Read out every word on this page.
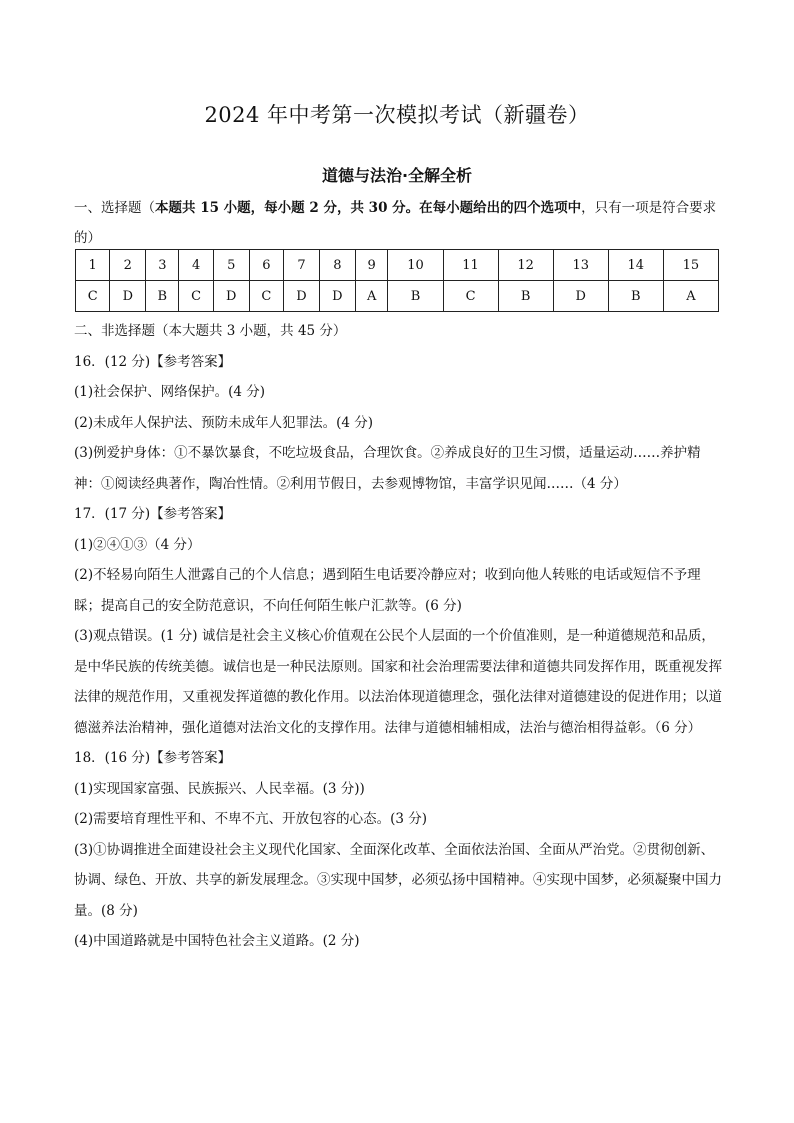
2024 年中考第一次模拟考试（新疆卷）
道德与法治·全解全析
一、选择题（本题共 15 小题，每小题 2 分，共 30 分。在每小题给出的四个选项中，只有一项是符合要求的）
1	2	3	4	5	6	7	8	9	10	11	12	13	14	15
C	D	B	C	D	C	D	D	A	B	C	B	D	B	A
二、非选择题（本大题共 3 小题，共 45 分）
16．(12 分)【参考答案】
(1)社会保护、网络保护。(4 分)
(2)未成年人保护法、预防未成年人犯罪法。(4 分)
(3)例爱护身体：①不暴饮暴食，不吃垃圾食品，合理饮食。②养成良好的卫生习惯，适量运动……养护精神：①阅读经典著作，陶冶性情。②利用节假日，去参观博物馆，丰富学识见闻……（4 分）
17．(17 分)【参考答案】
(1)②④①③（4 分）
(2)不轻易向陌生人泄露自己的个人信息；遇到陌生电话要冷静应对；收到向他人转账的电话或短信不予理睬；提高自己的安全防范意识，不向任何陌生帐户汇款等。(6 分)
(3)观点错误。(1 分) 诚信是社会主义核心价值观在公民个人层面的一个价值准则，是一种道德规范和品质，是中华民族的传统美德。诚信也是一种民法原则。国家和社会治理需要法律和道德共同发挥作用，既重视发挥法律的规范作用，又重视发挥道德的教化作用。以法治体现道德理念，强化法律对道德建设的促进作用；以道德滋养法治精神，强化道德对法治文化的支撑作用。法律与道德相辅相成，法治与德治相得益彰。（6 分）
18．(16 分)【参考答案】
(1)实现国家富强、民族振兴、人民幸福。(3 分))
(2)需要培育理性平和、不卑不亢、开放包容的心态。(3 分)
(3)①协调推进全面建设社会主义现代化国家、全面深化改革、全面依法治国、全面从严治党。②贯彻创新、协调、绿色、开放、共享的新发展理念。③实现中国梦，必须弘扬中国精神。④实现中国梦，必须凝聚中国力量。(8 分)
(4)中国道路就是中国特色社会主义道路。(2 分)
